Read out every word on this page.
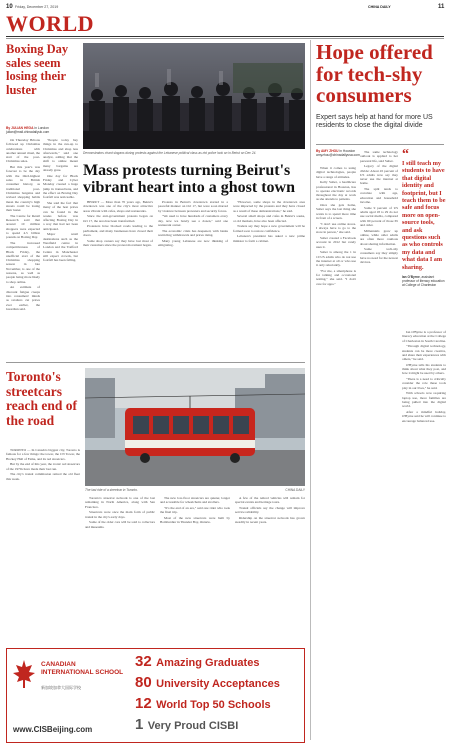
10 Friday, December 27, 2019	CHINA DAILY	11
WORLD
Boxing Day sales seem losing their luster
By JULIAN HEGA in London
julian@mail.chinadailyuk.com

On Thursday Britons followed up Christmas celebrations with another annual ritual, the start of the post-Christmas sales.

But this year's was forecast to be the day with the third-highest sales in British consumer history, as traditional post-Christmas bargains and revised shopping habits mean the country's high streets could be losing their luster.

The Centre for Retail Research said that around 10 million shoppers were expected to spend 4.5 billion pounds on Boxing Day.

The increased competitiveness of Black Friday, the unofficial start of the Christmas shopping season in late November, is one of the reasons, as well as people being more likely to shop online.

An estimate of discount fatigue creeps into consumers' minds as retailers cut prices ever earlier, the Guardian said.

"People today buy things in the run-up to Christmas and shop less afterwards," said one analyst, adding that the shift to online meant many bargains are already gone.

One day for Black Friday and Cyber Monday created a huge jump in transactions, and the effect on Boxing Day footfall was noticeable.

She said the fact that many of the best prices can be found in the weeks before was affecting Boxing Day in a way that had not been anticipated.

Major retail destinations such as the Westfield centre in London and the Trafford Centre in Manchester still expect crowds, but footfall has been falling.

Demonstrators chant slogans during protests against the Lebanese political class as riot police look on in Beirut on Dec 24.
Mass protests turning Beirut's vibrant heart into a ghost town

BEIRUT — More than 70 years ago, Beirut's downtown was one of the city's most attractive areas vibrant with cafes, shops and restaurants.

Since the anti-government protests began on Oct 17, the area has been transformed.

Protesters have blocked roads leading to the parliament, and many businesses have closed their doors.

Some shop owners say they have lost most of their customers since the protest movement began.

Protests in Beirut's downtown started in a peaceful manner on Oct 17, but were soon marred by violence between protesters and security forces.

"We used to have hundreds of customers every day, now we barely see a dozen," said one restaurant owner.

The economic crisis has deepened, with banks restricting withdrawals and prices rising.

Many young Lebanese are now thinking of emigrating.

"However, some shops in the downtown area were impacted by the protests and they have closed as a result of these demonstrations," he said.

Several small shops and cafes in Beirut's souks, or old markets, have also been affected.

Traders say they hope a new government will be formed soon to restore confidence.

Lebanon's president has asked a new prime minister to form a cabinet.

Toronto's streetcars reach end of the road

TORONTO — In Canada's biggest city, Toronto is famous for a few things: the tower, the CN Tower, the Hockey Hall of Fame, and its red streetcars.

But by the end of this year, the iconic red streetcars of the 1970s have made their last run.

The city's transit commission retired the old fleet this week.

The last ride of a streetcar in Toronto.	CHINA DAILY

Toronto's streetcar network is one of the last remaining in North America, along with San Francisco.

Streetcars were once the main form of public transit in the city's early days.

Some of the older cars will be sold to collectors and museums.

The new low-floor streetcars are quieter, longer and accessible for wheelchairs and strollers.

"It's the end of an era," said one rider who took the final trip.

Most of the new streetcars were built by Bombardier in Thunder Bay, Ontario.

A few of the retired vehicles will remain for special events and heritage tours.

Transit officials say the change will improve service reliability.

Ridership on the streetcar network has grown steadily in recent years.

CANADIAN INTERNATIONAL SCHOOL
新加坡加拿大国际学校
www.CISBeijing.com
32 Amazing Graduates
80 University Acceptances
12 World Top 50 Schools
1 Very Proud CISBI
Hope offered for tech-shy consumers
Expert says help at hand for more US residents to close the digital divide
By AMY ZHOU in Houston amyzhou@chinadailyusa.com

When it comes to using digital technologies, people have a range of attitudes.

Kelly Suber, a healthcare professional in Houston, has to operate electronic records throughout the day at work as she attends to patients.

Once she gets home, Suber says the last thing she wants is to spend more time in front of a screen.

"I don't use online stores. I always have to go to the store in person," she said.

Suber created a Facebook account in 2012 but rarely uses it.

Suber is among the 1 in 10 US adults who do not use the internet at all or who use it only reluctantly.

"For me, a smartphone is for talking and occasional texting," she said. "I don't care for apps."

The same technology outlook is applied to her personal life, said Suber.

Legacy of the digital divide: About 45 percent of US adults now say they never use the internet at home.

The split tends to correlate with age, education and household income.

Some 9 percent of US adults aged 18 to 29 do not use social media, compared with 60 percent of those 65 and older.

Millennials grew up online, while older adults are often more cautious about sharing information.

Some tech-shy consumers say they simply have no need for the newest devices.

“
I still teach my students to have that digital identity and footprint, but I teach them to be safe and focus more on open-source tools, and ask questions such as who controls my data and what data I am sharing.
Ian O'Byrne, assistant professor of literacy education at College of Charleston

Ian O'Byrne is a professor of literacy education at the College of Charleston in South Carolina.

"Through digital technology, students can be more creative, and share their experiences with others," he said.

O'Byrne tells his students to think about what they post, and how it might be used by others.

"There is a need to critically consider the role these tools play in our lives," he said.

With schools now requiring laptop use, more families are being pulled into the digital world.

After a mindful holiday, O'Byrne said he will continue to encourage balanced use.
